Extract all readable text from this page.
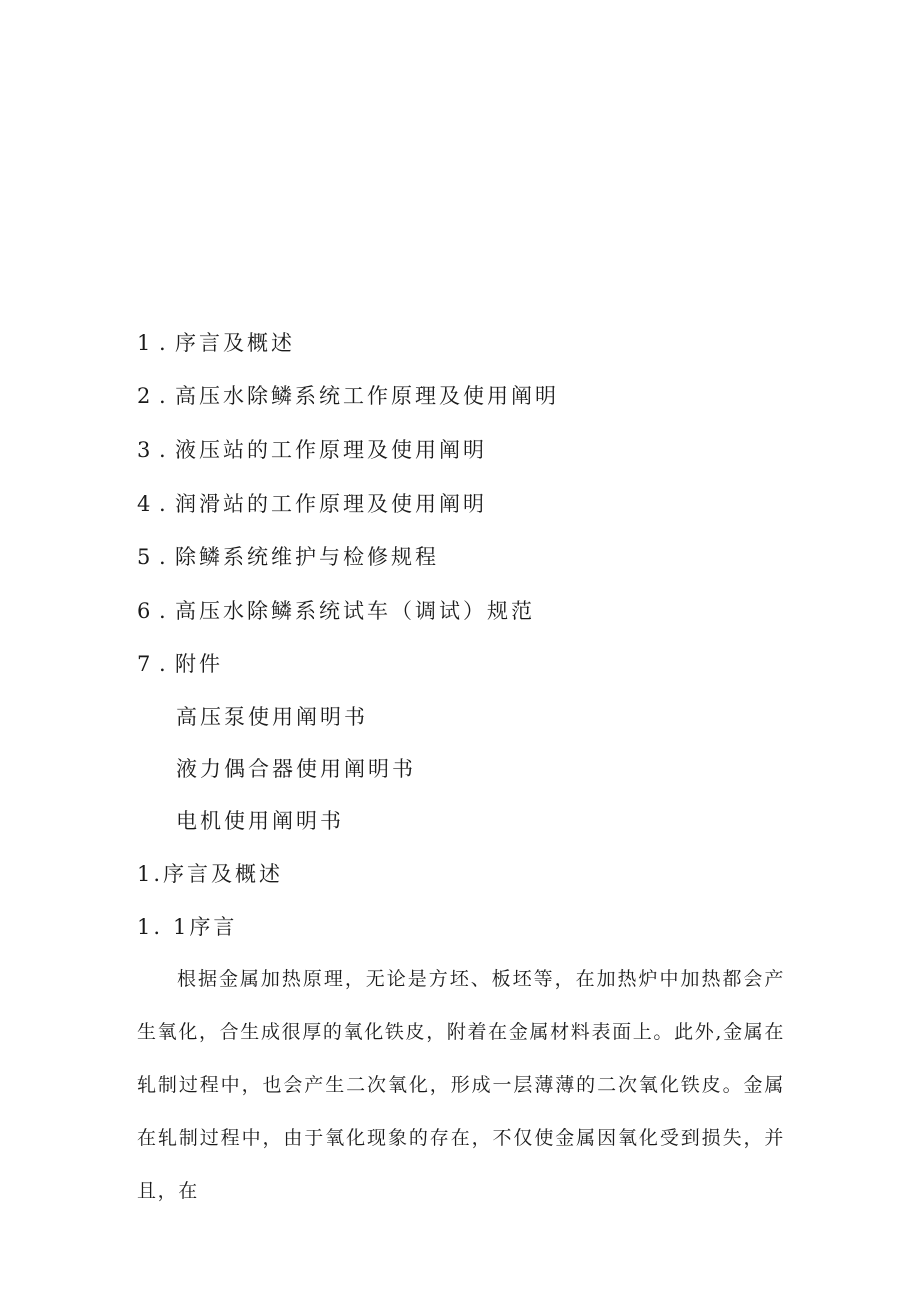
1 . 序言及概述
2 . 高压水除鳞系统工作原理及使用阐明
3 . 液压站的工作原理及使用阐明
4 . 润滑站的工作原理及使用阐明
5 . 除鳞系统维护与检修规程
6 . 高压水除鳞系统试车（调试）规范
7 . 附件
高压泵使用阐明书
液力偶合器使用阐明书
电机使用阐明书
1.序言及概述
1. 1序言
根据金属加热原理，无论是方坯、板坯等，在加热炉中加热都会产生氧化，合生成很厚的氧化铁皮，附着在金属材料表面上。此外,金属在轧制过程中，也会产生二次氧化，形成一层薄薄的二次氧化铁皮。金属在轧制过程中，由于氧化现象的存在，不仅使金属因氧化受到损失，并且，在
